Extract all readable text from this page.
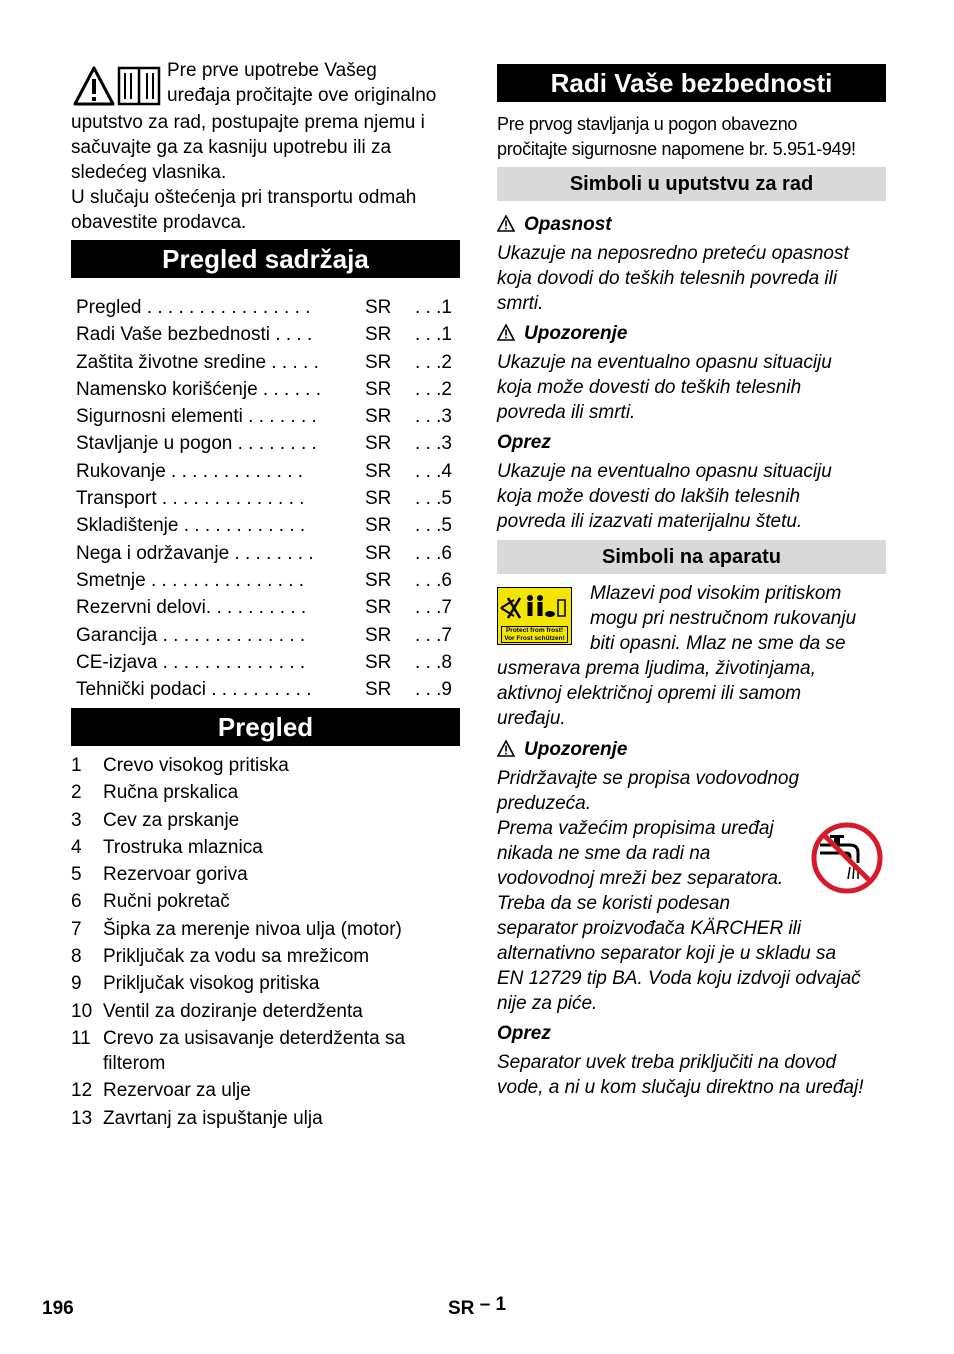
Pre prve upotrebe Vašeg
uređaja pročitajte ove originalno
uputstvo za rad, postupajte prema njemu i
sačuvajte ga za kasniju upotrebu ili za
sledećeg vlasnika.
U slučaju oštećenja pri transportu odmah
obavestite prodavca.
Pregled sadržaja
Pregled . . . . . . . . . . . . . . . .	SR . . .1
Radi Vaše bezbednosti . . . .	SR . . .1
Zaštita životne sredine . . . . .	SR . . .2
Namensko korišćenje . . . . . . SR . . .2
Sigurnosni elementi . . . . . . .	SR . . .3
Stavljanje u pogon . . . . . . . .	SR . . .3
Rukovanje . . . . . . . . . . . . .	SR . . .4
Transport . . . . . . . . . . . . . .	SR . . .5
Skladištenje . . . . . . . . . . . .	SR . . .5
Nega i održavanje . . . . . . . .	SR . . .6
Smetnje . . . . . . . . . . . . . . .	SR . . .6
Rezervni delovi. . . . . . . . . .	SR . . .7
Garancija . . . . . . . . . . . . . .	SR . . .7
CE-izjava . . . . . . . . . . . . . .	SR . . .8
Tehnički podaci . . . . . . . . . .	SR . . .9
Pregled
1	Crevo visokog pritiska
2	Ručna prskalica
3	Cev za prskanje
4	Trostruka mlaznica
5	Rezervoar goriva
6	Ručni pokretač
7	Šipka za merenje nivoa ulja (motor)
8	Priključak za vodu sa mrežicom
9	Priključak visokog pritiska
10 Ventil za doziranje deterdženta
11 Crevo za usisavanje deterdženta sa filterom
12 Rezervoar za ulje
13 Zavrtanj za ispuštanje ulja
Radi Vaše bezbednosti
Pre prvog stavljanja u pogon obavezno
pročitajte sigurnosne napomene br. 5.951-949!
Simboli u uputstvu za rad
Opasnost
Ukazuje na neposredno preteću opasnost
koja dovodi do teških telesnih povreda ili
smrti.
Upozorenje
Ukazuje na eventualno opasnu situaciju
koja može dovesti do teških telesnih
povreda ili smrti.
Oprez
Ukazuje na eventualno opasnu situaciju
koja može dovesti do lakših telesnih
povreda ili izazvati materijalnu štetu.
Simboli na aparatu
Protect from frost!
Vor Frost schützen!
Mlazevi pod visokim pritiskom
mogu pri nestručnom rukovanju
biti opasni. Mlaz ne sme da se
usmerava prema ljudima, životinjama,
aktivnoj električnoj opremi ili samom
uređaju.
Upozorenje
Pridržavajte se propisa vodovodnog
preduzeća.
Prema važećim propisima uređaj
nikada ne sme da radi na
vodovodnoj mreži bez separatora.
Treba da se koristi podesan
separator proizvođača KÄRCHER ili
alternativno separator koji je u skladu sa
EN 12729 tip BA. Voda koju izdvoji odvajač
nije za piće.
Oprez
Separator uvek treba priključiti na dovod
vode, a ni u kom slučaju direktno na uređaj!
196	SR – 1
